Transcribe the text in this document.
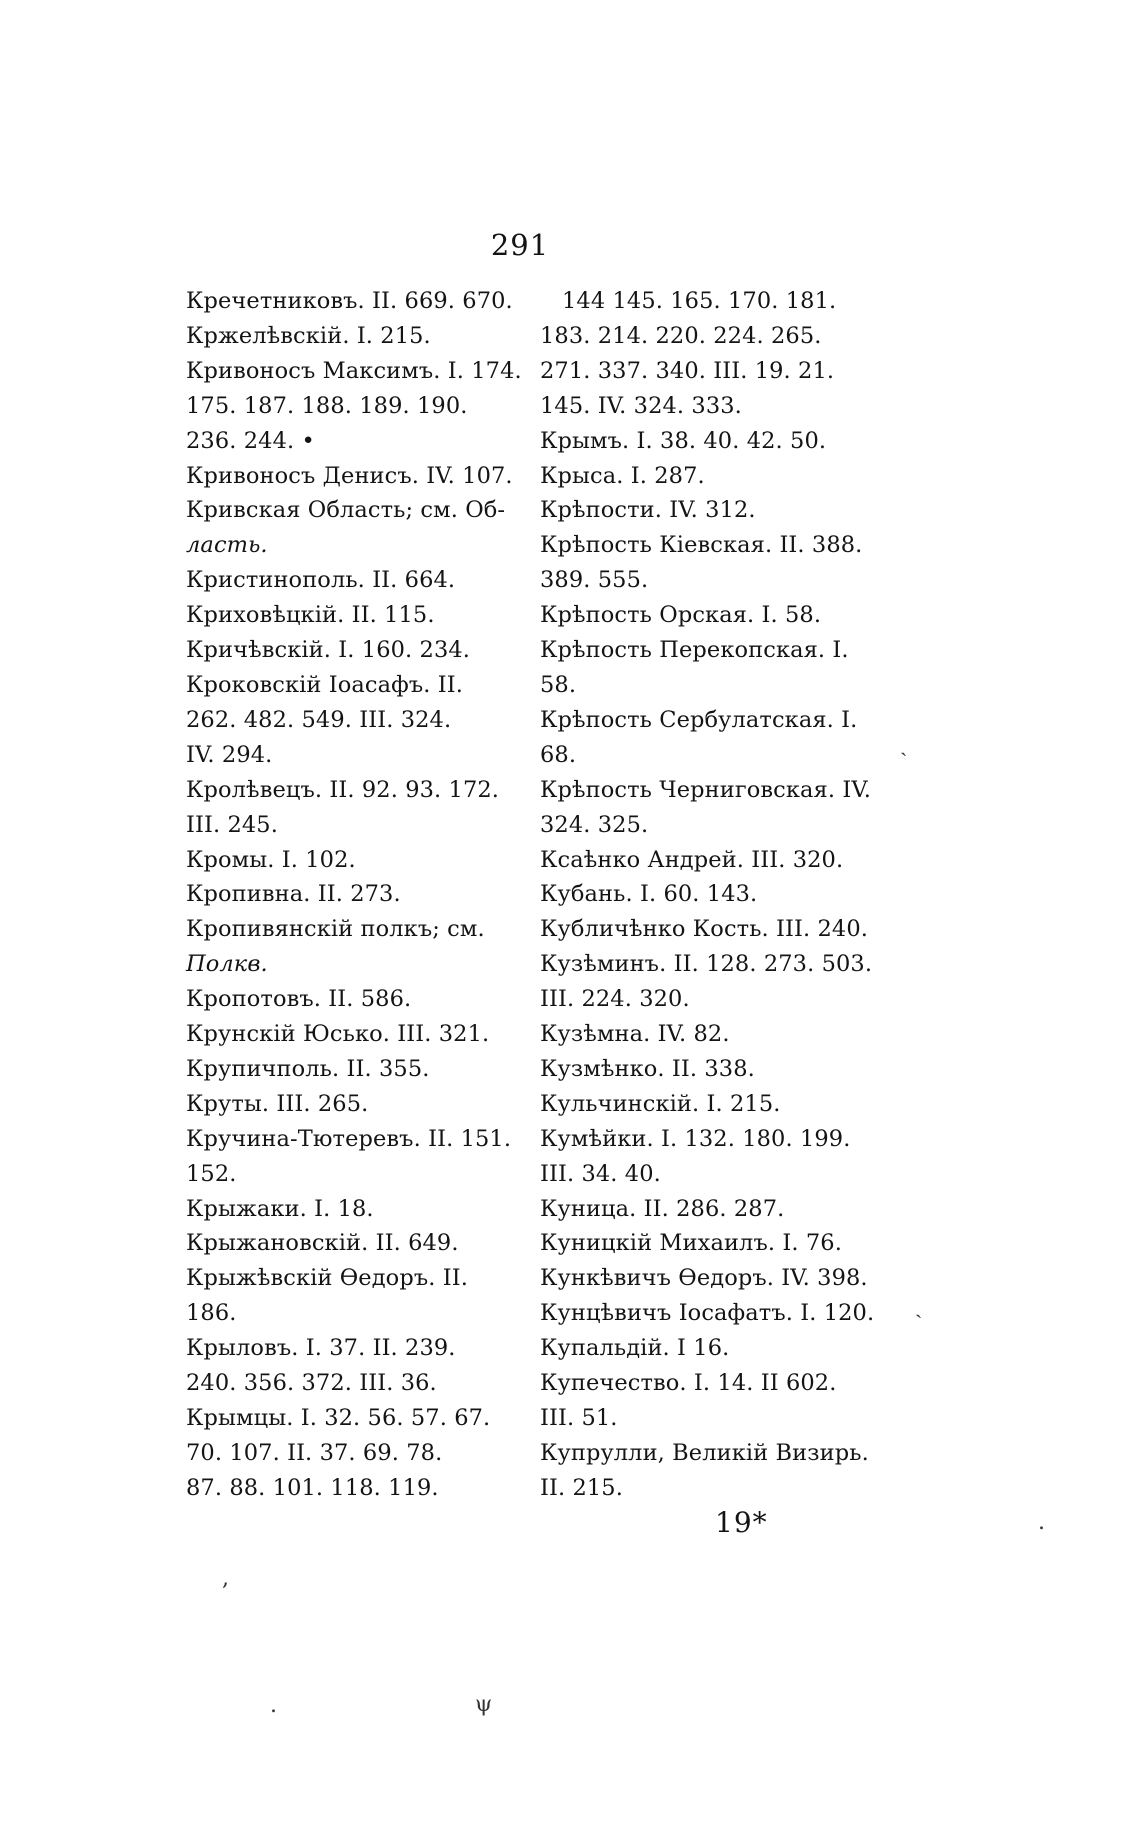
291
Кречетниковъ. II. 669. 670.
Кржелѣвскій. I. 215.
Кривоносъ Максимъ. I. 174.
175. 187. 188. 189. 190.
236. 244. •
Кривоносъ Денисъ. IV. 107.
Кривская Область; см. Об-
ласть.
Кристинополь. II. 664.
Криховѣцкій. II. 115.
Кричѣвскій. I. 160. 234.
Кроковскій Іоасафъ. II.
262. 482. 549. III. 324.
IV. 294.
Кролѣвецъ. II. 92. 93. 172.
III. 245.
Кромы. I. 102.
Кропивна. II. 273.
Кропивянскій полкъ; см.
Полкв.
Кропотовъ. II. 586.
Крунскій Юсько. III. 321.
Крупичполь. II. 355.
Круты. III. 265.
Кручина-Тютеревъ. II. 151.
152.
Крыжаки. I. 18.
Крыжановскій. II. 649.
Крыжѣвскій Өедоръ. II.
186.
Крыловъ. I. 37. II. 239.
240. 356. 372. III. 36.
Крымцы. I. 32. 56. 57. 67.
70. 107. II. 37. 69. 78.
87. 88. 101. 118. 119.
144 145. 165. 170. 181.
183. 214. 220. 224. 265.
271. 337. 340. III. 19. 21.
145. IV. 324. 333.
Крымъ. I. 38. 40. 42. 50.
Крыса. I. 287.
Крѣпости. IV. 312.
Крѣпость Кіевская. II. 388.
389. 555.
Крѣпость Орская. I. 58.
Крѣпость Перекопская. I.
58.
Крѣпость Сербулатская. I.
68.
Крѣпость Черниговская. IV.
324. 325.
Ксаѣнко Андрей. III. 320.
Кубань. I. 60. 143.
Кубличѣнко Кость. III. 240.
Кузѣминъ. II. 128. 273. 503.
III. 224. 320.
Кузѣмна. IV. 82.
Кузмѣнко. II. 338.
Кульчинскій. I. 215.
Кумѣйки. I. 132. 180. 199.
III. 34. 40.
Куница. II. 286. 287.
Куницкій Михаилъ. I. 76.
Кункѣвичъ Өедоръ. IV. 398.
Кунцѣвичъ Іосафатъ. I. 120.
Купальдій. I 16.
Купечество. I. 14. II 602.
III. 51.
Купрулли, Великій Визирь.
II. 215.
19*
˴
˴
.
,
ψ
.
